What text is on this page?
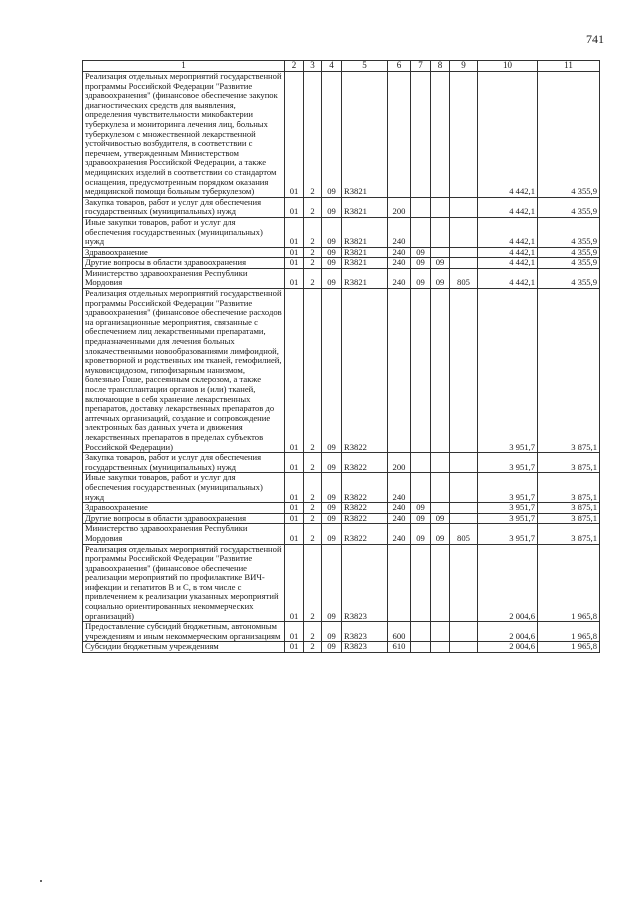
741
1	2	3	4	5	6	7	8	9	10	11
Реализация отдельных мероприятий государственной программы Российской Федерации "Развитие здравоохранения" (финансовое обеспечение закупок диагностических средств для выявления, определения чувствительности микобактерии туберкулеза и мониторинга лечения лиц, больных туберкулезом с множественной лекарственной устойчивостью возбудителя, в соответствии с перечнем, утвержденным Министерством здравоохранения Российской Федерации, а также медицинских изделий в соответствии со стандартом оснащения, предусмотренным порядком оказания медицинской помощи больным туберкулезом)	01	2	09	R3821					4 442,1	4 355,9
Закупка товаров, работ и услуг для обеспечения государственных (муниципальных) нужд	01	2	09	R3821	200				4 442,1	4 355,9
Иные закупки товаров, работ и услуг для обеспечения государственных (муниципальных) нужд	01	2	09	R3821	240				4 442,1	4 355,9
Здравоохранение	01	2	09	R3821	240	09			4 442,1	4 355,9
Другие вопросы в области здравоохранения	01	2	09	R3821	240	09	09		4 442,1	4 355,9
Министерство здравоохранения Республики Мордовия	01	2	09	R3821	240	09	09	805	4 442,1	4 355,9
Реализация отдельных мероприятий государственной программы Российской Федерации "Развитие здравоохранения" (финансовое обеспечение расходов на организационные мероприятия, связанные с обеспечением лиц лекарственными препаратами, предназначенными для лечения больных злокачественными новообразованиями лимфоидной, кроветворной и родственных им тканей, гемофилией, муковисцидозом, гипофизарным нанизмом, болезнью Гоше, рассеянным склерозом, а также после трансплантации органов и (или) тканей, включающие в себя хранение лекарственных препаратов, доставку лекарственных препаратов до аптечных организаций, создание и сопровождение электронных баз данных учета и движения лекарственных препаратов в пределах субъектов Российской Федерации)	01	2	09	R3822					3 951,7	3 875,1
Закупка товаров, работ и услуг для обеспечения государственных (муниципальных) нужд	01	2	09	R3822	200				3 951,7	3 875,1
Иные закупки товаров, работ и услуг для обеспечения государственных (муниципальных) нужд	01	2	09	R3822	240				3 951,7	3 875,1
Здравоохранение	01	2	09	R3822	240	09			3 951,7	3 875,1
Другие вопросы в области здравоохранения	01	2	09	R3822	240	09	09		3 951,7	3 875,1
Министерство здравоохранения Республики Мордовия	01	2	09	R3822	240	09	09	805	3 951,7	3 875,1
Реализация отдельных мероприятий государственной программы Российской Федерации "Развитие здравоохранения" (финансовое обеспечение реализации мероприятий по профилактике ВИЧ-инфекции и гепатитов В и С, в том числе с привлечением к реализации указанных мероприятий социально ориентированных некоммерческих организаций)	01	2	09	R3823					2 004,6	1 965,8
Предоставление субсидий бюджетным, автономным учреждениям и иным некоммерческим организациям	01	2	09	R3823	600				2 004,6	1 965,8
Субсидии бюджетным учреждениям	01	2	09	R3823	610				2 004,6	1 965,8
